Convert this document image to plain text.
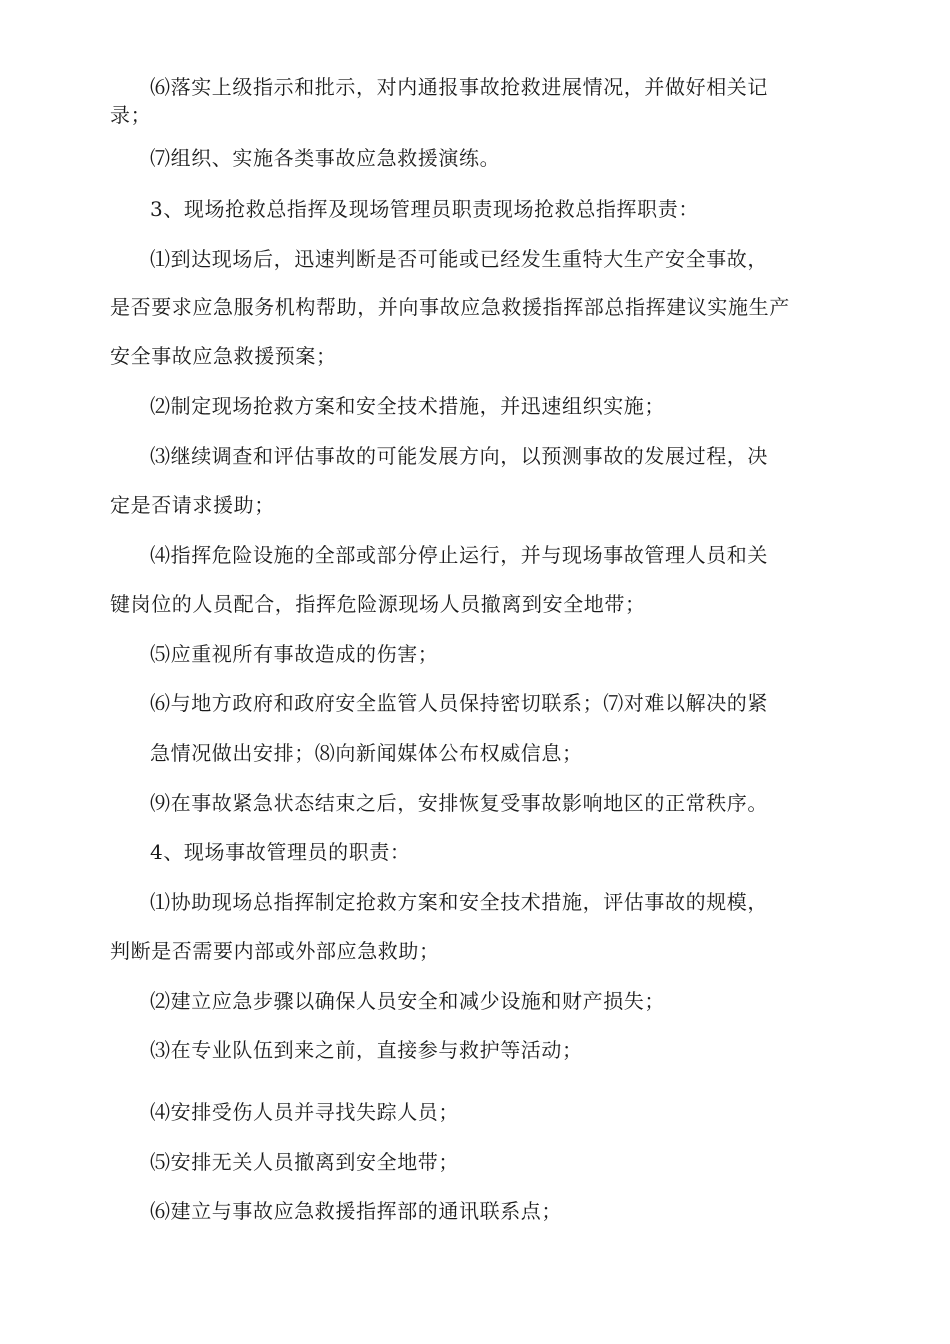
⑹落实上级指示和批示，对内通报事故抢救进展情况，并做好相关记
录；
⑺组织、实施各类事故应急救援演练。
3、现场抢救总指挥及现场管理员职责现场抢救总指挥职责：
⑴到达现场后，迅速判断是否可能或已经发生重特大生产安全事故，
是否要求应急服务机构帮助，并向事故应急救援指挥部总指挥建议实施生产
安全事故应急救援预案；
⑵制定现场抢救方案和安全技术措施，并迅速组织实施；
⑶继续调查和评估事故的可能发展方向，以预测事故的发展过程，决
定是否请求援助；
⑷指挥危险设施的全部或部分停止运行，并与现场事故管理人员和关
键岗位的人员配合，指挥危险源现场人员撤离到安全地带；
⑸应重视所有事故造成的伤害；
⑹与地方政府和政府安全监管人员保持密切联系；⑺对难以解决的紧
急情况做出安排；⑻向新闻媒体公布权威信息；
⑼在事故紧急状态结束之后，安排恢复受事故影响地区的正常秩序。
4、现场事故管理员的职责：
⑴协助现场总指挥制定抢救方案和安全技术措施，评估事故的规模，
判断是否需要内部或外部应急救助；
⑵建立应急步骤以确保人员安全和减少设施和财产损失；
⑶在专业队伍到来之前，直接参与救护等活动；
⑷安排受伤人员并寻找失踪人员；
⑸安排无关人员撤离到安全地带；
⑹建立与事故应急救援指挥部的通讯联系点；
